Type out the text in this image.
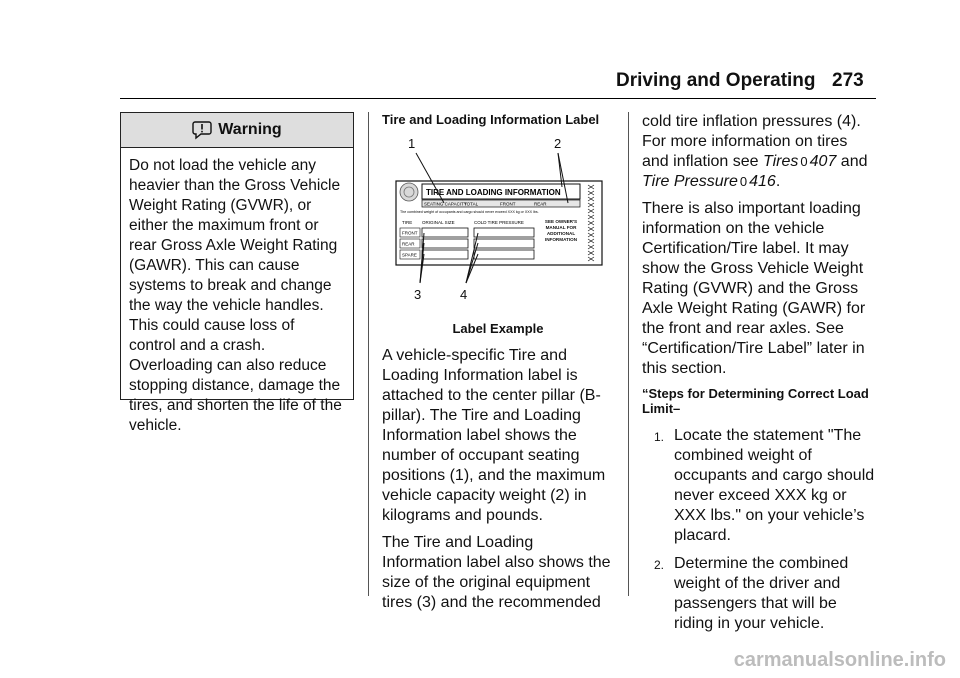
Driving and Operating 273
Warning
Do not load the vehicle any heavier than the Gross Vehicle Weight Rating (GVWR), or either the maximum front or rear Gross Axle Weight Rating (GAWR). This can cause systems to break and change the way the vehicle handles. This could cause loss of control and a crash. Overloading can also reduce stopping distance, damage the tires, and shorten the life of the vehicle.

Tire and Loading Information Label

TIRE AND LOADING INFORMATION
SEATING CAPACITY
TOTAL	FRONT	REAR
The combined weight of occupants and cargo should never exceed XXX kg or XXX lbs.
TIRE ORIGINAL SIZE	COLD TIRE PRESSURE
FRONT
REAR
SPARE
SEE OWNER'S MANUAL FOR ADDITIONAL INFORMATION
1	2
3	4
Label Example

A vehicle-specific Tire and Loading Information label is attached to the center pillar (B-pillar). The Tire and Loading Information label shows the number of occupant seating positions (1), and the maximum vehicle capacity weight (2) in kilograms and pounds.

The Tire and Loading Information label also shows the size of the original equipment tires (3) and the recommended

cold tire inflation pressures (4). For more information on tires and inflation see Tires 0 407 and Tire Pressure 0 416.

There is also important loading information on the vehicle Certification/Tire label. It may show the Gross Vehicle Weight Rating (GVWR) and the Gross Axle Weight Rating (GAWR) for the front and rear axles. See “Certification/Tire Label” later in this section.

“Steps for Determining Correct Load Limit–

1. Locate the statement "The combined weight of occupants and cargo should never exceed XXX kg or XXX lbs." on your vehicle’s placard.
2. Determine the combined weight of the driver and passengers that will be riding in your vehicle.
carmanualsonline.info
